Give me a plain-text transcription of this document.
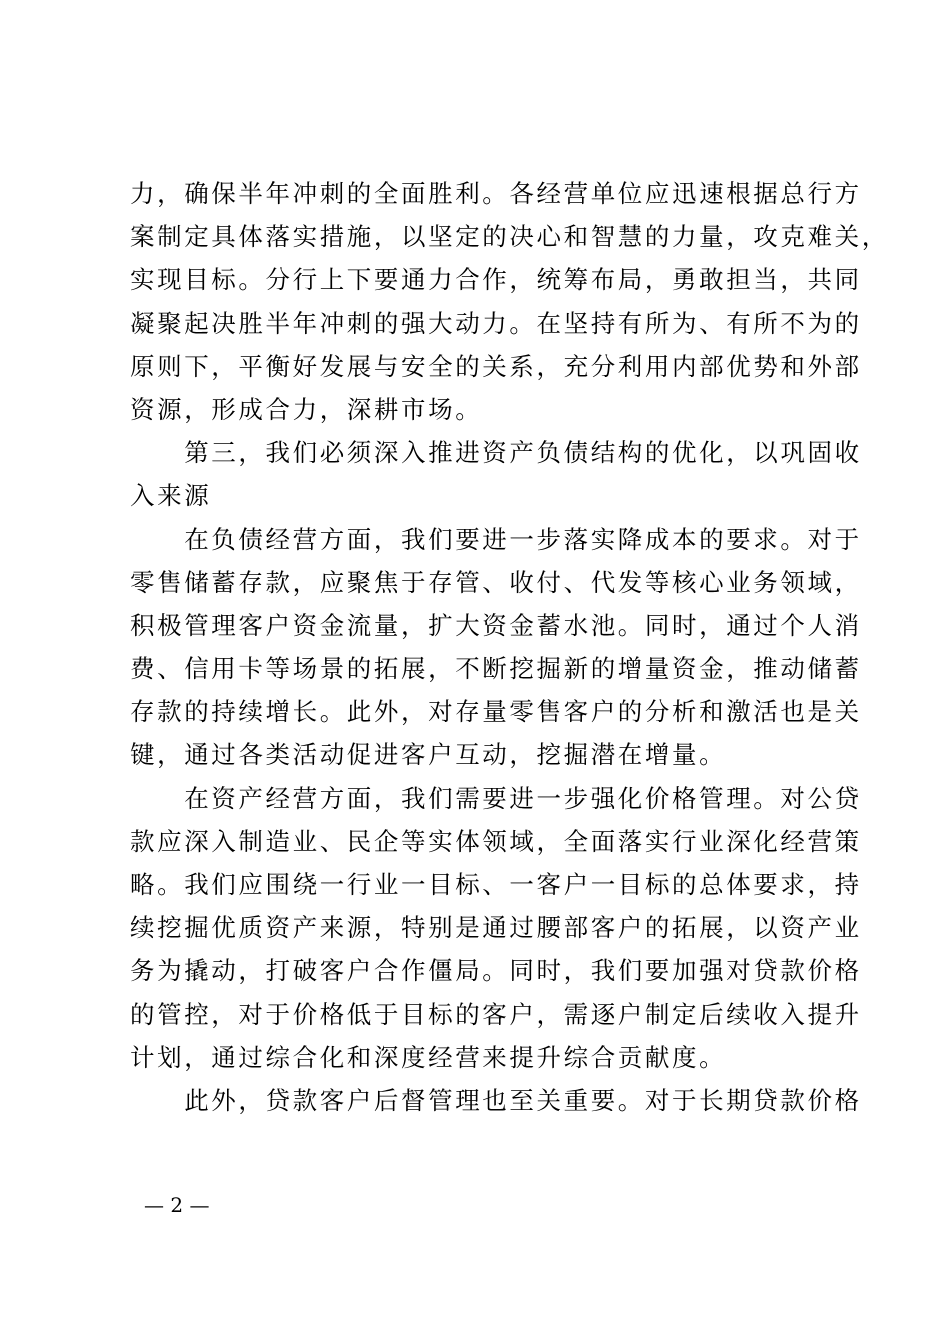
力，确保半年冲刺的全面胜利。各经营单位应迅速根据总行方
案制定具体落实措施，以坚定的决心和智慧的力量，攻克难关，
实现目标。分行上下要通力合作，统筹布局，勇敢担当，共同
凝聚起决胜半年冲刺的强大动力。在坚持有所为、有所不为的
原则下，平衡好发展与安全的关系，充分利用内部优势和外部
资源，形成合力，深耕市场。
　　第三，我们必须深入推进资产负债结构的优化，以巩固收
入来源
　　在负债经营方面，我们要进一步落实降成本的要求。对于
零售储蓄存款，应聚焦于存管、收付、代发等核心业务领域，
积极管理客户资金流量，扩大资金蓄水池。同时，通过个人消
费、信用卡等场景的拓展，不断挖掘新的增量资金，推动储蓄
存款的持续增长。此外，对存量零售客户的分析和激活也是关
键，通过各类活动促进客户互动，挖掘潜在增量。
　　在资产经营方面，我们需要进一步强化价格管理。对公贷
款应深入制造业、民企等实体领域，全面落实行业深化经营策
略。我们应围绕一行业一目标、一客户一目标的总体要求，持
续挖掘优质资产来源，特别是通过腰部客户的拓展，以资产业
务为撬动，打破客户合作僵局。同时，我们要加强对贷款价格
的管控，对于价格低于目标的客户，需逐户制定后续收入提升
计划，通过综合化和深度经营来提升综合贡献度。
　　此外，贷款客户后督管理也至关重要。对于长期贷款价格
— 2 —
